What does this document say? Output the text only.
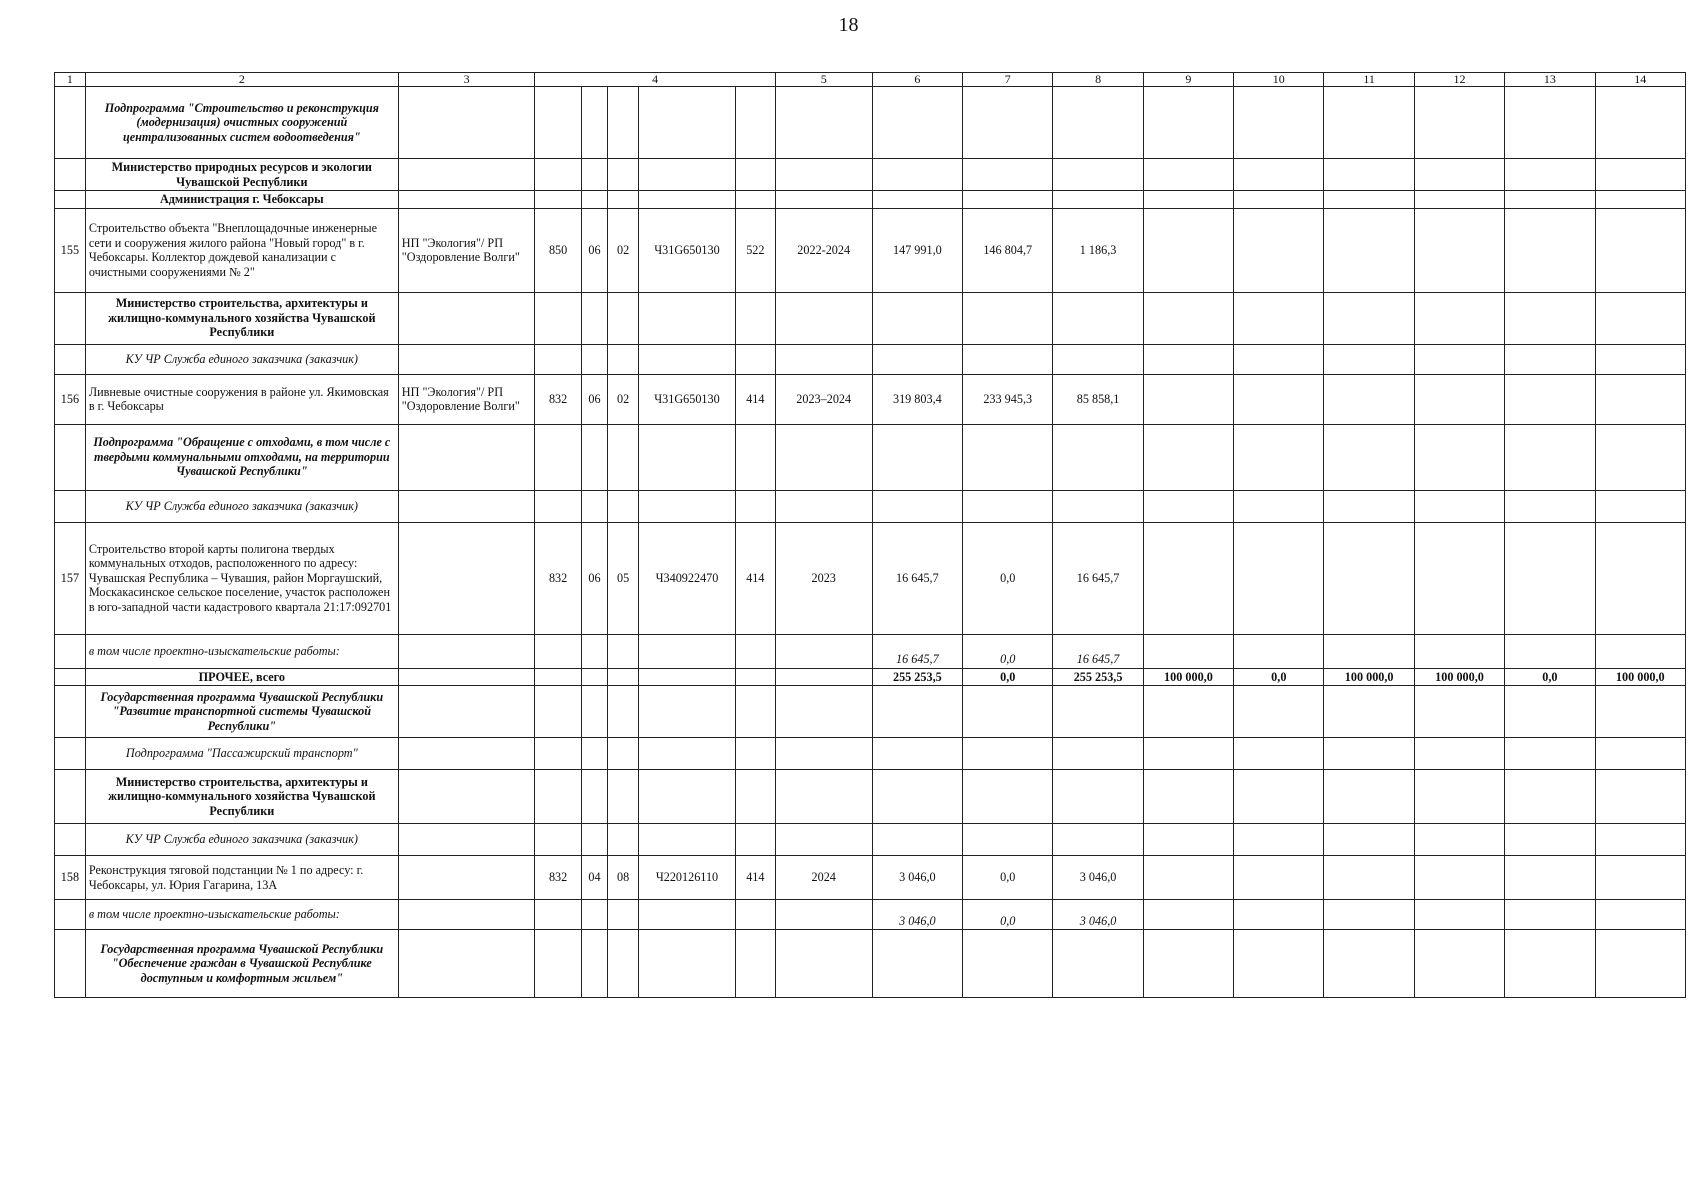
18
1	2	3	4					5	6	7	8	9	10	11	12	13	14
	Подпрограмма "Строительство и реконструкция (модернизация) очистных сооружений централизованных систем водоотведения"																
	Министерство природных ресурсов и экологии Чувашской Республики																
	Администрация г. Чебоксары																
155	Строительство объекта "Внеплощадочные инженерные сети и сооружения жилого района "Новый город" в г. Чебоксары. Коллектор дождевой канализации с очистными сооружениями № 2"	НП "Экология"/ РП "Оздоровление Волги"	850	06	02	Ч31G650130	522	2022-2024	147 991,0	146 804,7	1 186,3						
	Министерство строительства, архитектуры и жилищно-коммунального хозяйства Чувашской Республики																
	КУ ЧР Служба единого заказчика (заказчик)																
156	Ливневые очистные сооружения в районе ул. Якимовская в г. Чебоксары	НП "Экология"/ РП "Оздоровление Волги"	832	06	02	Ч31G650130	414	2023–2024	319 803,4	233 945,3	85 858,1						
	Подпрограмма "Обращение с отходами, в том числе с твердыми коммунальными отходами, на территории Чувашской Республики"																
	КУ ЧР Служба единого заказчика (заказчик)																
157	Строительство второй карты полигона твердых коммунальных отходов, расположенного по адресу: Чувашская Республика – Чувашия, район Моргаушский, Москакасинское сельское поселение, участок расположен в юго-западной части кадастрового квартала 21:17:092701		832	06	05	Ч340922470	414	2023	16 645,7	0,0	16 645,7						
	в том числе проектно-изыскательские работы:								16 645,7	0,0	16 645,7						
	ПРОЧЕЕ, всего								255 253,5	0,0	255 253,5	100 000,0	0,0	100 000,0	100 000,0	0,0	100 000,0
	Государственная программа Чувашской Республики "Развитие транспортной системы Чувашской Республики"																
	Подпрограмма "Пассажирский транспорт"																
	Министерство строительства, архитектуры и жилищно-коммунального хозяйства Чувашской Республики																
	КУ ЧР Служба единого заказчика (заказчик)																
158	Реконструкция тяговой подстанции № 1 по адресу: г. Чебоксары, ул. Юрия Гагарина, 13А		832	04	08	Ч220126110	414	2024	3 046,0	0,0	3 046,0						
	в том числе проектно-изыскательские работы:								3 046,0	0,0	3 046,0						
	Государственная программа Чувашской Республики "Обеспечение граждан в Чувашской Республике доступным и комфортным жильем"																
